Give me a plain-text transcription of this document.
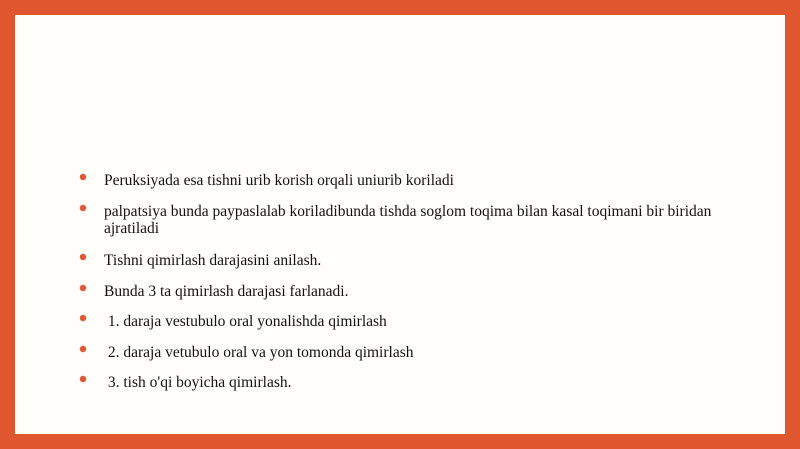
Peruksiyada esa tishni urib korish orqali uniurib koriladi
palpatsiya bunda paypaslalab koriladibunda tishda soglom toqima bilan kasal toqimani bir biridan ajratiladi
Tishni qimirlash darajasini anilash.
Bunda 3 ta qimirlash darajasi farlanadi.
1. daraja vestubulo oral yonalishda qimirlash
2. daraja vetubulo oral va yon tomonda qimirlash
3. tish o'qi boyicha qimirlash.
